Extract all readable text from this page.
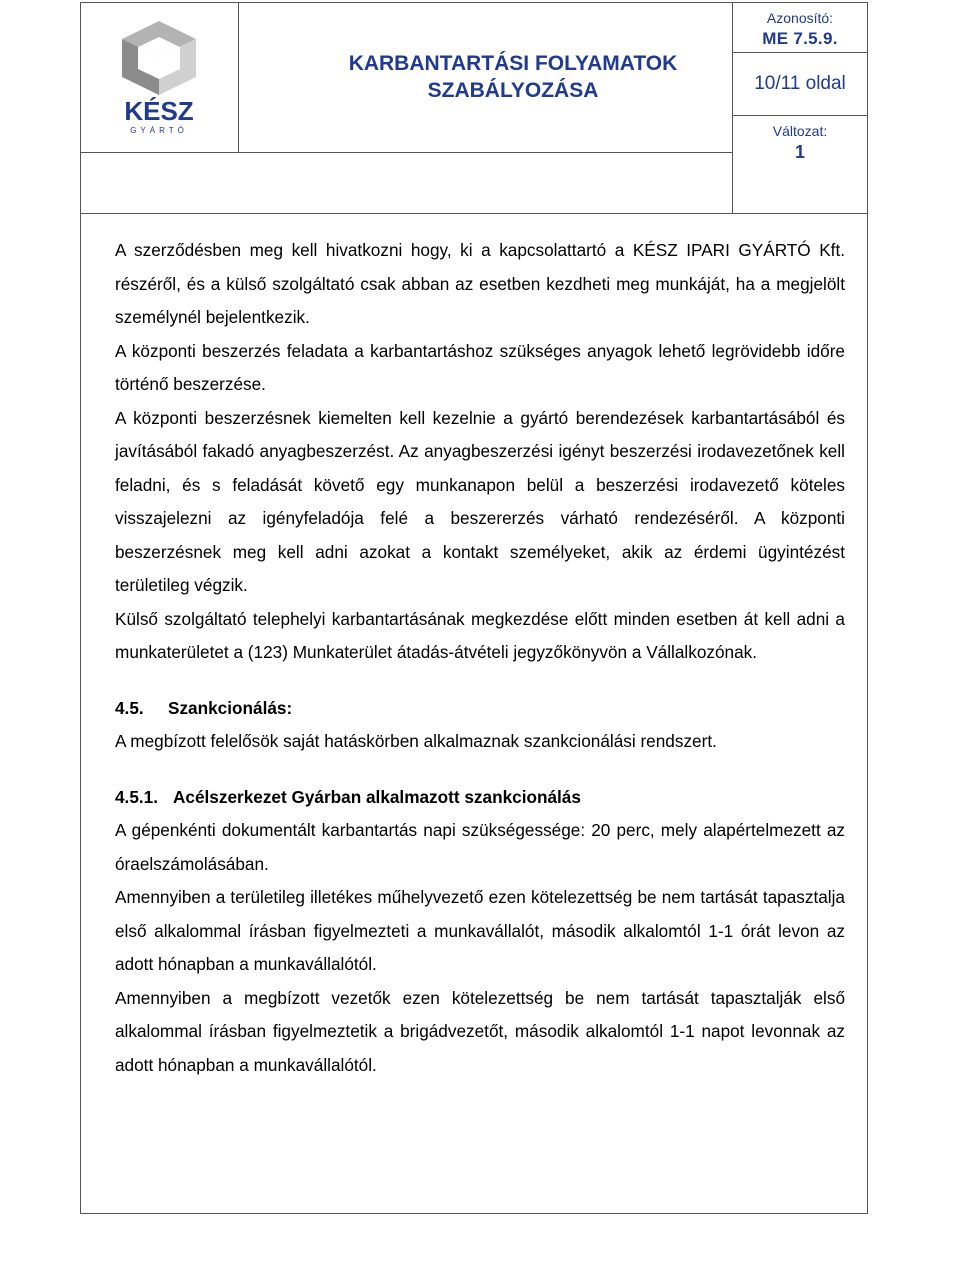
KÉSZ
GYÁRTÓ
KARBANTARTÁSI FOLYAMATOK
SZABÁLYOZÁSA
Azonosító:
ME 7.5.9.
10/11 oldal
Változat:
1

A szerződésben meg kell hivatkozni hogy, ki a kapcsolattartó a KÉSZ IPARI GYÁRTÓ Kft. részéről, és a külső szolgáltató csak abban az esetben kezdheti meg munkáját, ha a megjelölt személynél bejelentkezik.

A központi beszerzés feladata a karbantartáshoz szükséges anyagok lehető legrövidebb időre történő beszerzése.

A központi beszerzésnek kiemelten kell kezelnie a gyártó berendezések karbantartásából és javításából fakadó anyagbeszerzést. Az anyagbeszerzési igényt beszerzési irodavezetőnek kell feladni, és s feladását követő egy munkanapon belül a beszerzési irodavezető köteles visszajelezni az igényfeladója felé a beszererzés várható rendezéséről. A központi beszerzésnek meg kell adni azokat a kontakt személyeket, akik az érdemi ügyintézést területileg végzik.

Külső szolgáltató telephelyi karbantartásának megkezdése előtt minden esetben át kell adni a munkaterületet a (123) Munkaterület átadás-átvételi jegyzőkönyvön a Vállalkozónak.

4.5. Szankcionálás:

A megbízott felelősök saját hatáskörben alkalmaznak szankcionálási rendszert.

4.5.1. Acélszerkezet Gyárban alkalmazott szankcionálás

A gépenkénti dokumentált karbantartás napi szükségessége: 20 perc, mely alapértelmezett az óraelszámolásában.

Amennyiben a területileg illetékes műhelyvezető ezen kötelezettség be nem tartását tapasztalja első alkalommal írásban figyelmezteti a munkavállalót, második alkalomtól 1-1 órát levon az adott hónapban a munkavállalótól.

Amennyiben a megbízott vezetők ezen kötelezettség be nem tartását tapasztalják első alkalommal írásban figyelmeztetik a brigádvezetőt, második alkalomtól 1-1 napot levonnak az adott hónapban a munkavállalótól.
